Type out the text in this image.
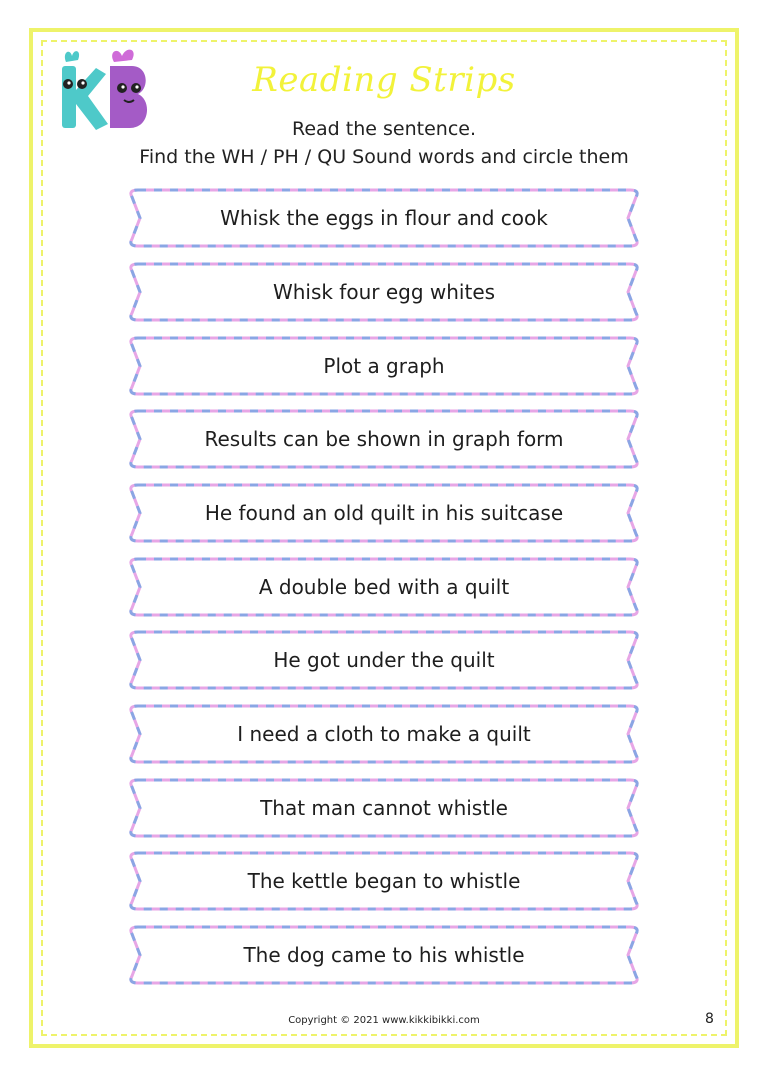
Reading Strips
Read the sentence.
Find the WH / PH / QU Sound words and circle them
Whisk the eggs in flour and cook
Whisk four egg whites
Plot a graph
Results can be shown in graph form
He found an old quilt in his suitcase
A double bed with a quilt
He got under the quilt
I need a cloth to make a quilt
That man cannot whistle
The kettle began to whistle
The dog came to his whistle
Copyright © 2021 www.kikkibikki.com	8
